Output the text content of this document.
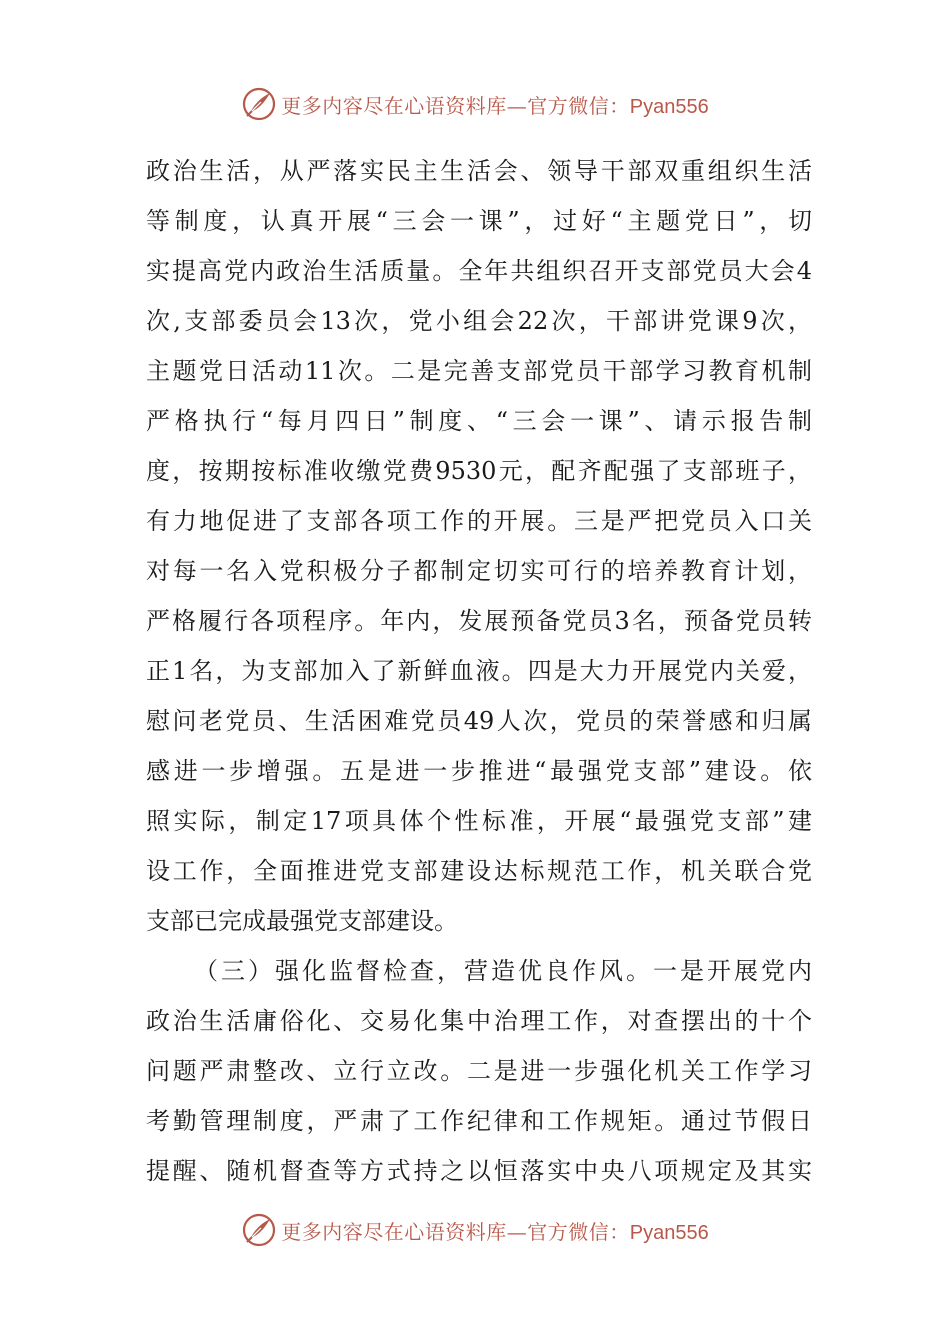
更多内容尽在心语资料库—官方微信：Pyan556
政治生活，从严落实民主生活会、领导干部双重组织生活
等制度，认真开展“三会一课”，过好“主题党日”，切
实提高党内政治生活质量。全年共组织召开支部党员大会4
次,支部委员会13次，党小组会22次，干部讲党课9次，
主题党日活动11次。二是完善支部党员干部学习教育机制
严格执行“每月四日”制度、“三会一课”、请示报告制
度，按期按标准收缴党费9530元，配齐配强了支部班子，
有力地促进了支部各项工作的开展。三是严把党员入口关
对每一名入党积极分子都制定切实可行的培养教育计划，
严格履行各项程序。年内，发展预备党员3名，预备党员转
正1名，为支部加入了新鲜血液。四是大力开展党内关爱，
慰问老党员、生活困难党员49人次，党员的荣誉感和归属
感进一步增强。五是进一步推进“最强党支部”建设。依
照实际，制定17项具体个性标准，开展“最强党支部”建
设工作，全面推进党支部建设达标规范工作，机关联合党
支部已完成最强党支部建设。
（三）强化监督检查，营造优良作风。一是开展党内
政治生活庸俗化、交易化集中治理工作，对查摆出的十个
问题严肃整改、立行立改。二是进一步强化机关工作学习
考勤管理制度，严肃了工作纪律和工作规矩。通过节假日
提醒、随机督查等方式持之以恒落实中央八项规定及其实
更多内容尽在心语资料库—官方微信：Pyan556
